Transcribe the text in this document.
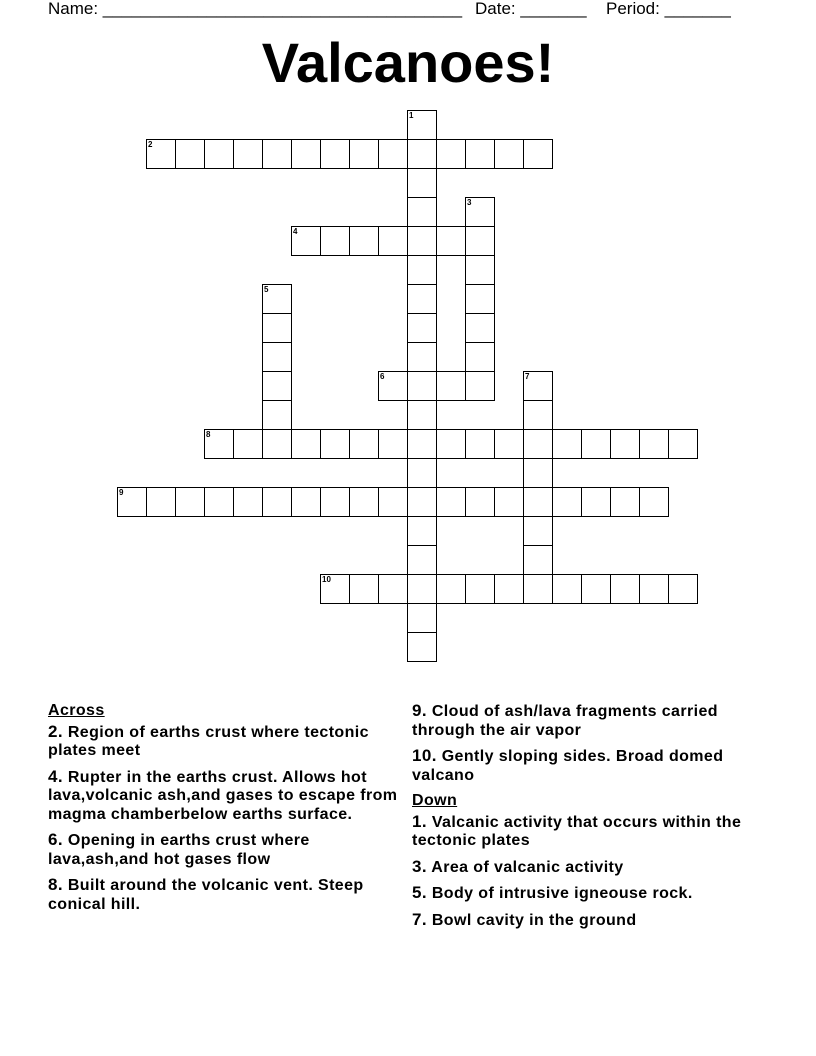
Name: ______________________________________ Date: _______ Period: _______
Valcanoes!
1
2
3
4
5
6	7
8
9
10
Across
2. Region of earths crust where tectonic plates meet
4. Rupter in the earths crust. Allows hot lava,volcanic ash,and gases to escape from magma chamberbelow earths surface.
6. Opening in earths crust where lava,ash,and hot gases flow
8. Built around the volcanic vent. Steep conical hill.
9. Cloud of ash/lava fragments carried through the air vapor
10. Gently sloping sides. Broad domed valcano
Down
1. Valcanic activity that occurs within the tectonic plates
3. Area of valcanic activity
5. Body of intrusive igneouse rock.
7. Bowl cavity in the ground
